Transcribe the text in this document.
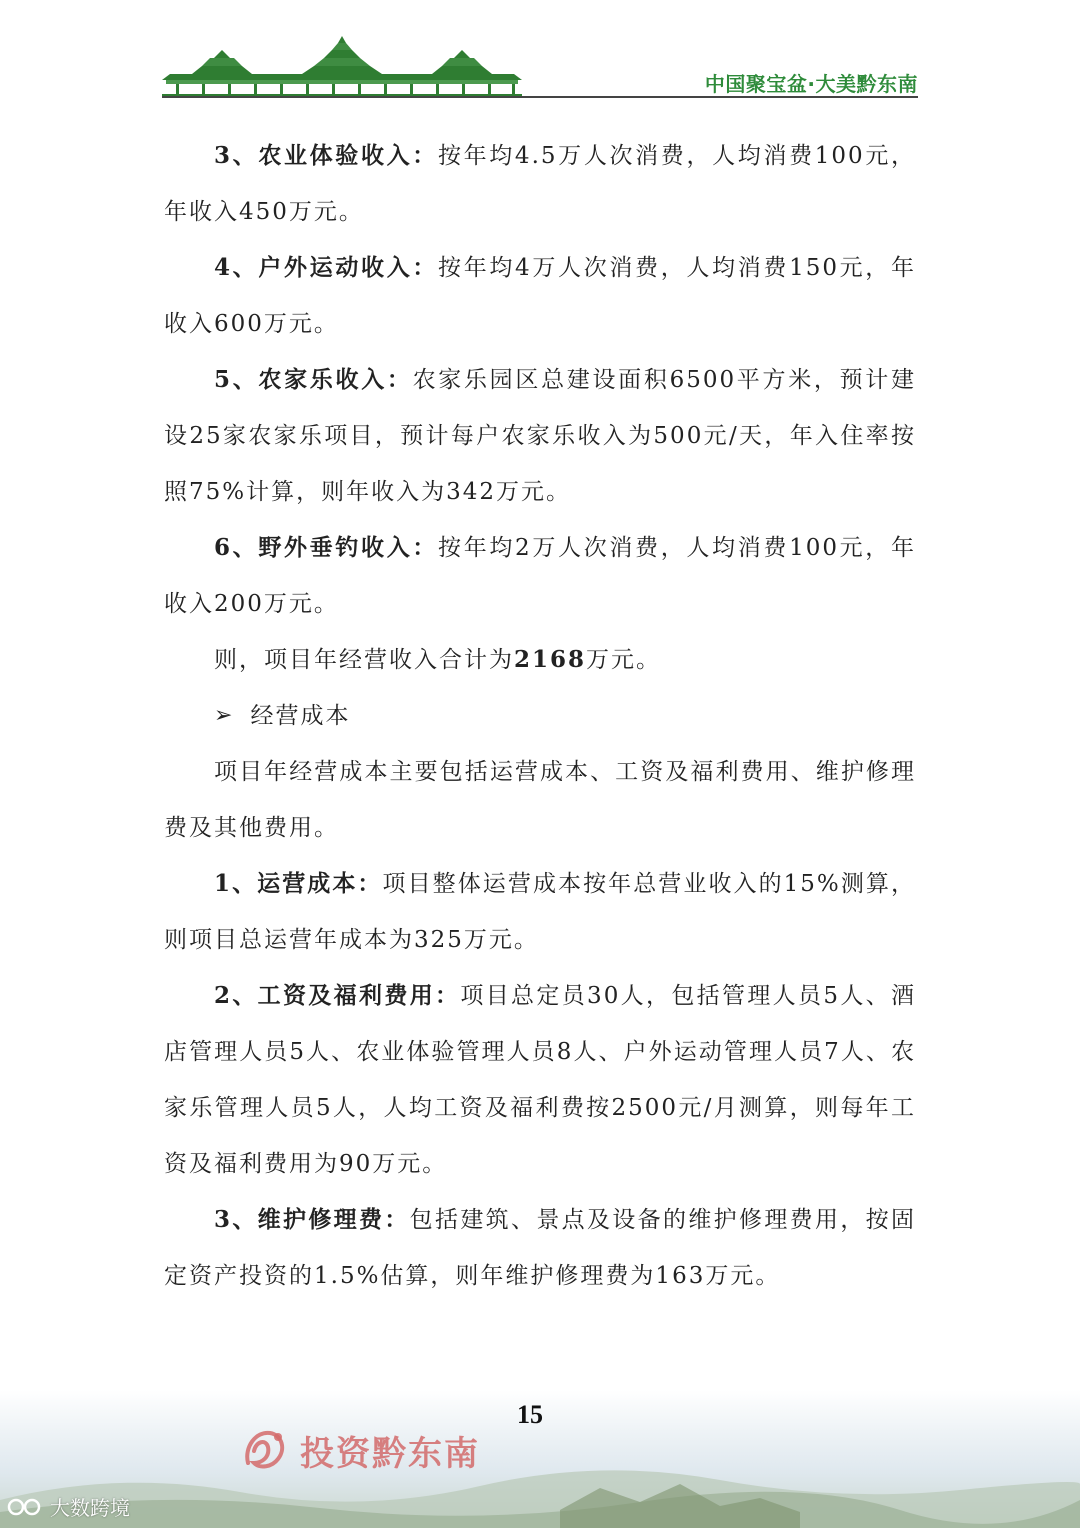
中国聚宝盆·大美黔东南

3、农业体验收入：按年均4.5万人次消费，人均消费100元，年收入450万元。

4、户外运动收入：按年均4万人次消费，人均消费150元，年收入600万元。

5、农家乐收入：农家乐园区总建设面积6500平方米，预计建设25家农家乐项目，预计每户农家乐收入为500元/天，年入住率按照75%计算，则年收入为342万元。

6、野外垂钓收入：按年均2万人次消费，人均消费100元，年收入200万元。

则，项目年经营收入合计为2168万元。

➢ 经营成本

项目年经营成本主要包括运营成本、工资及福利费用、维护修理费及其他费用。

1、运营成本：项目整体运营成本按年总营业收入的15%测算，则项目总运营年成本为325万元。

2、工资及福利费用：项目总定员30人，包括管理人员5人、酒店管理人员5人、农业体验管理人员8人、户外运动管理人员7人、农家乐管理人员5人，人均工资及福利费按2500元/月测算，则每年工资及福利费用为90万元。

3、维护修理费：包括建筑、景点及设备的维护修理费用，按固定资产投资的1.5%估算，则年维护修理费为163万元。

15
投资黔东南
大数跨境
